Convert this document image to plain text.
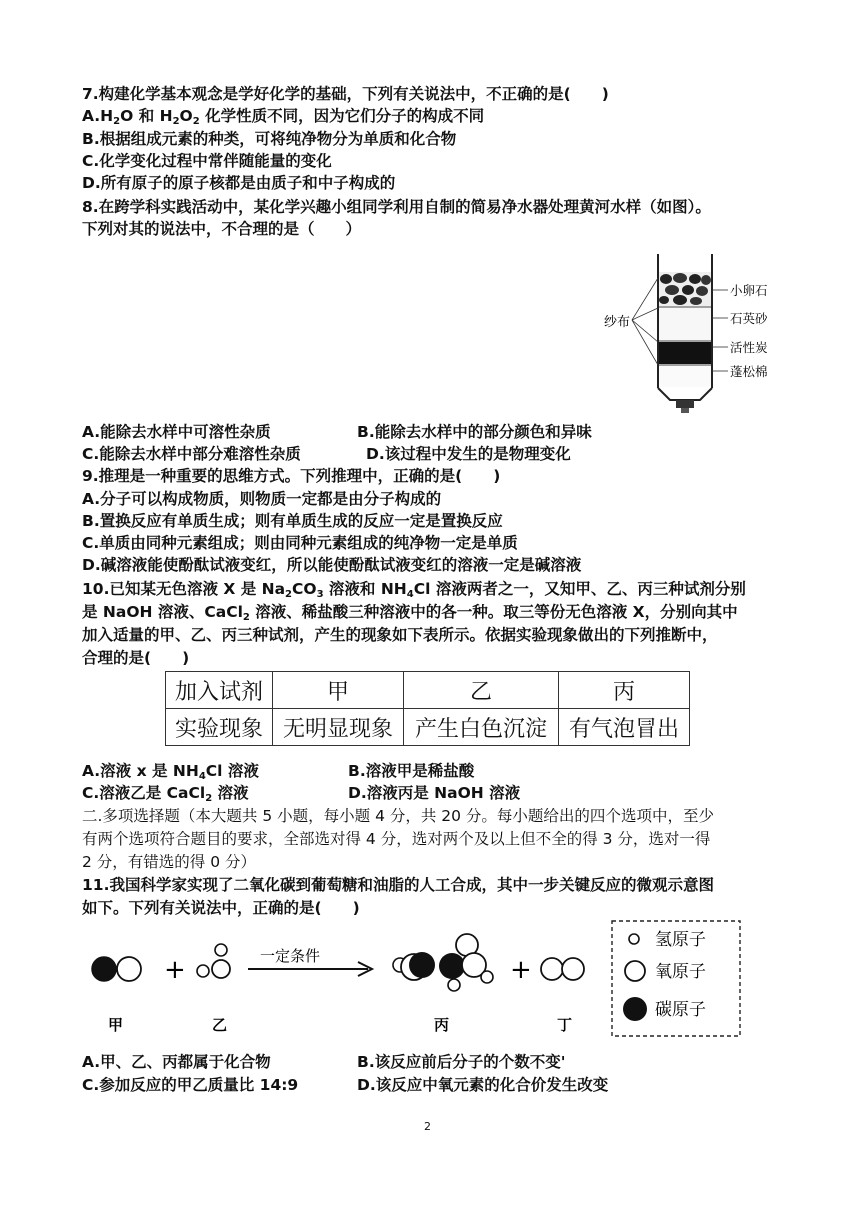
7.构建化学基本观念是学好化学的基础，下列有关说法中，不正确的是(　　)
$A.H_2O$ 和 $H_2O_2$ 化学性质不同，因为它们分子的构成不同
B.根据组成元素的种类，可将纯净物分为单质和化合物
C.化学变化过程中常伴随能量的变化
D.所有原子的原子核都是由质子和中子构成的
8.在跨学科实践活动中，某化学兴趣小组同学利用自制的简易净水器处理黄河水样（如图）。
下列对其的说法中，不合理的是（　　）
纱布
小卵石
石英砂
活性炭
蓬松棉
A.能除去水样中可溶性杂质	B.能除去水样中的部分颜色和异味
C.能除去水样中部分难溶性杂质	D.该过程中发生的是物理变化
9.推理是一种重要的思维方式。下列推理中，正确的是(　　)
A.分子可以构成物质，则物质一定都是由分子构成的
B.置换反应有单质生成；则有单质生成的反应一定是置换反应
C.单质由同种元素组成；则由同种元素组成的纯净物一定是单质
D.碱溶液能使酚酞试液变红，所以能使酚酞试液变红的溶液一定是碱溶液
10.已知某无色溶液 X 是 $Na_2CO_3$ 溶液和 $NH_4Cl$ 溶液两者之一，又知甲、乙、丙三种试剂分别
是 NaOH 溶液、CaCl$_2$ 溶液、稀盐酸三种溶液中的各一种。取三等份无色溶液 X，分别向其中
加入适量的甲、乙、丙三种试剂，产生的现象如下表所示。依据实验现象做出的下列推断中，
合理的是(　　)
加入试剂	甲	乙	丙
实验现象	无明显现象	产生白色沉淀	有气泡冒出
A.溶液 x 是 $NH_4Cl$ 溶液	B.溶液甲是稀盐酸
C.溶液乙是 CaCl$_2$ 溶液	D.溶液丙是 NaOH 溶液
二.多项选择题（本大题共 5 小题，每小题 4 分，共 20 分。每小题给出的四个选项中，至少
有两个选项符合题目的要求，全部选对得 4 分，选对两个及以上但不全的得 3 分，选对一得
2 分，有错选的得 0 分）
11.我国科学家实现了二氧化碳到葡萄糖和油脂的人工合成，其中一步关键反应的微观示意图
如下。下列有关说法中，正确的是(　　)
+	一定条件	+
甲	乙	丙	丁
氢原子
氧原子
碳原子
A.甲、乙、丙都属于化合物	B.该反应前后分子的个数不变'
C.参加反应的甲乙质量比 14:9	D.该反应中氧元素的化合价发生改变
2
